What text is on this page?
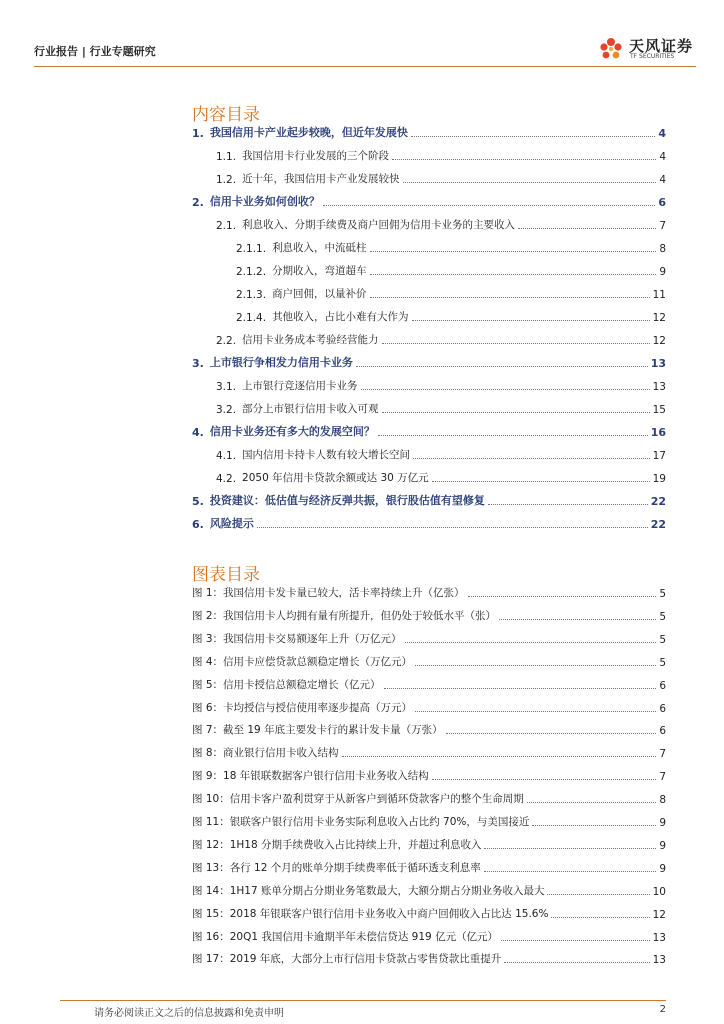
行业报告 | 行业专题研究	天风证券
TF SECURITIES
内容目录
1. 我国信用卡产业起步较晚，但近年发展快	4
1.1. 我国信用卡行业发展的三个阶段	4
1.2. 近十年，我国信用卡产业发展较快	4
2. 信用卡业务如何创收？	6
2.1. 利息收入、分期手续费及商户回佣为信用卡业务的主要收入	7
2.1.1. 利息收入，中流砥柱	8
2.1.2. 分期收入，弯道超车	9
2.1.3. 商户回佣，以量补价	11
2.1.4. 其他收入，占比小难有大作为	12
2.2. 信用卡业务成本考验经营能力	12
3. 上市银行争相发力信用卡业务	13
3.1. 上市银行竞逐信用卡业务	13
3.2. 部分上市银行信用卡收入可观	15
4. 信用卡业务还有多大的发展空间？	16
4.1. 国内信用卡持卡人数有较大增长空间	17
4.2. 2050 年信用卡贷款余额或达 30 万亿元	19
5. 投资建议：低估值与经济反弹共振，银行股估值有望修复	22
6. 风险提示	22
图表目录
图 1： 我国信用卡发卡量已较大，活卡率持续上升（亿张）	5
图 2： 我国信用卡人均拥有量有所提升，但仍处于较低水平（张）	5
图 3： 我国信用卡交易额逐年上升（万亿元）	5
图 4： 信用卡应偿贷款总额稳定增长（万亿元）	5
图 5： 信用卡授信总额稳定增长（亿元）	6
图 6： 卡均授信与授信使用率逐步提高（万元）	6
图 7： 截至 19 年底主要发卡行的累计发卡量（万张）	6
图 8： 商业银行信用卡收入结构	7
图 9： 18 年银联数据客户银行信用卡业务收入结构	7
图 10： 信用卡客户盈利贯穿于从新客户到循环贷款客户的整个生命周期	8
图 11： 银联客户银行信用卡业务实际利息收入占比约 70%，与美国接近	9
图 12： 1H18 分期手续费收入占比持续上升，并超过利息收入	9
图 13： 各行 12 个月的账单分期手续费率低于循环透支利息率	9
图 14： 1H17 账单分期占分期业务笔数最大，大额分期占分期业务收入最大	10
图 15： 2018 年银联客户银行信用卡业务收入中商户回佣收入占比达 15.6%	12
图 16： 20Q1 我国信用卡逾期半年未偿信贷达 919 亿元（亿元）	13
图 17： 2019 年底，大部分上市行信用卡贷款占零售贷款比重提升	13
请务必阅读正文之后的信息披露和免责申明	2
